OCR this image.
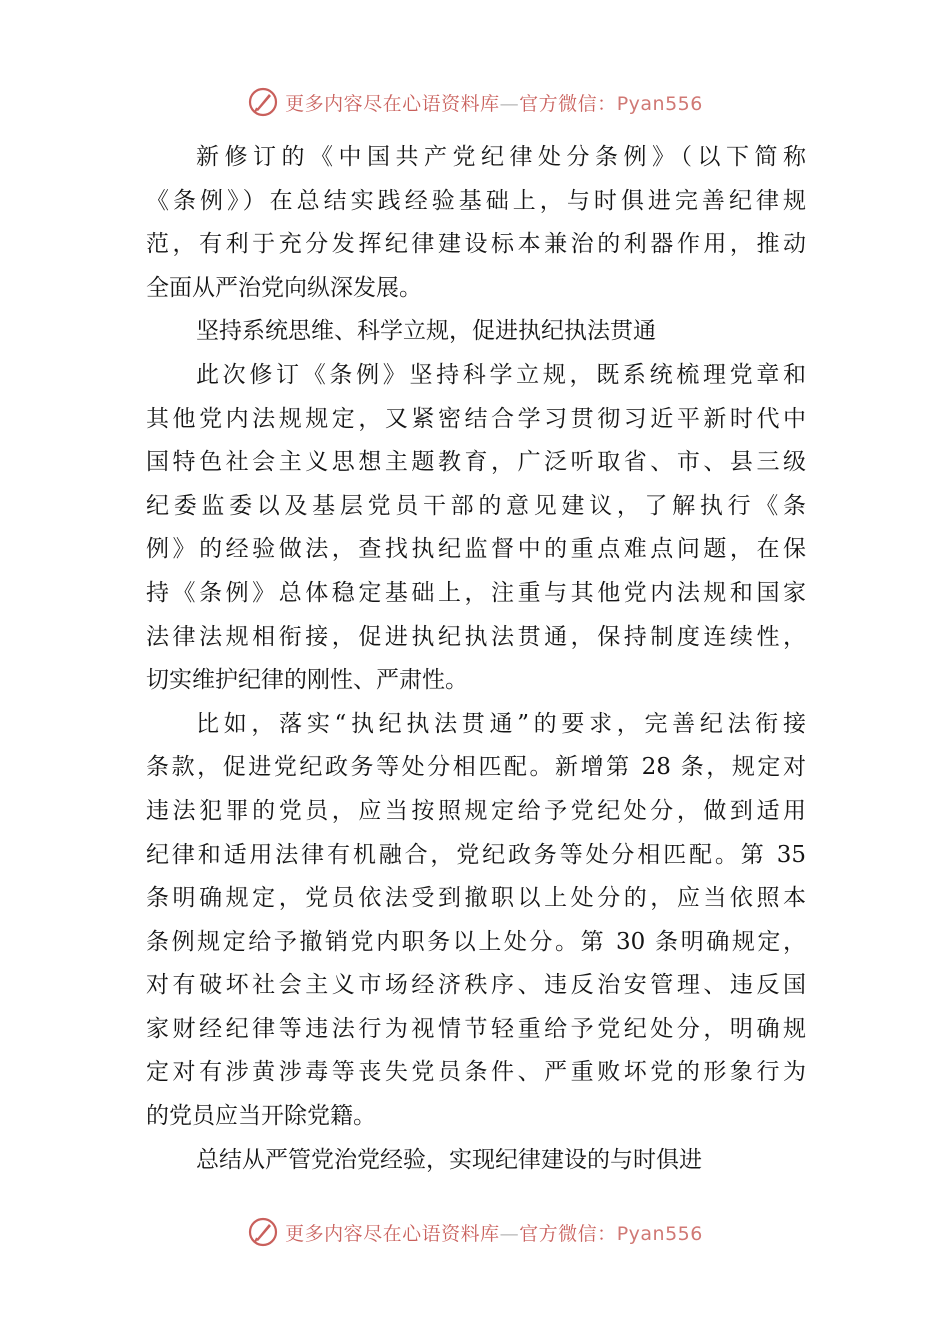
更多内容尽在心语资料库—官方微信：Pyan556
新修订的《中国共产党纪律处分条例》（以下简称
《条例》）在总结实践经验基础上，与时俱进完善纪律规
范，有利于充分发挥纪律建设标本兼治的利器作用，推动
全面从严治党向纵深发展。
坚持系统思维、科学立规，促进执纪执法贯通
此次修订《条例》坚持科学立规，既系统梳理党章和
其他党内法规规定，又紧密结合学习贯彻习近平新时代中
国特色社会主义思想主题教育，广泛听取省、市、县三级
纪委监委以及基层党员干部的意见建议，了解执行《条
例》的经验做法，查找执纪监督中的重点难点问题，在保
持《条例》总体稳定基础上，注重与其他党内法规和国家
法律法规相衔接，促进执纪执法贯通，保持制度连续性，
切实维护纪律的刚性、严肃性。
比如，落实“执纪执法贯通”的要求，完善纪法衔接
条款，促进党纪政务等处分相匹配。新增第 28 条，规定对
违法犯罪的党员，应当按照规定给予党纪处分，做到适用
纪律和适用法律有机融合，党纪政务等处分相匹配。第 35
条明确规定，党员依法受到撤职以上处分的，应当依照本
条例规定给予撤销党内职务以上处分。第 30 条明确规定，
对有破坏社会主义市场经济秩序、违反治安管理、违反国
家财经纪律等违法行为视情节轻重给予党纪处分，明确规
定对有涉黄涉毒等丧失党员条件、严重败坏党的形象行为
的党员应当开除党籍。
总结从严管党治党经验，实现纪律建设的与时俱进
更多内容尽在心语资料库—官方微信：Pyan556
